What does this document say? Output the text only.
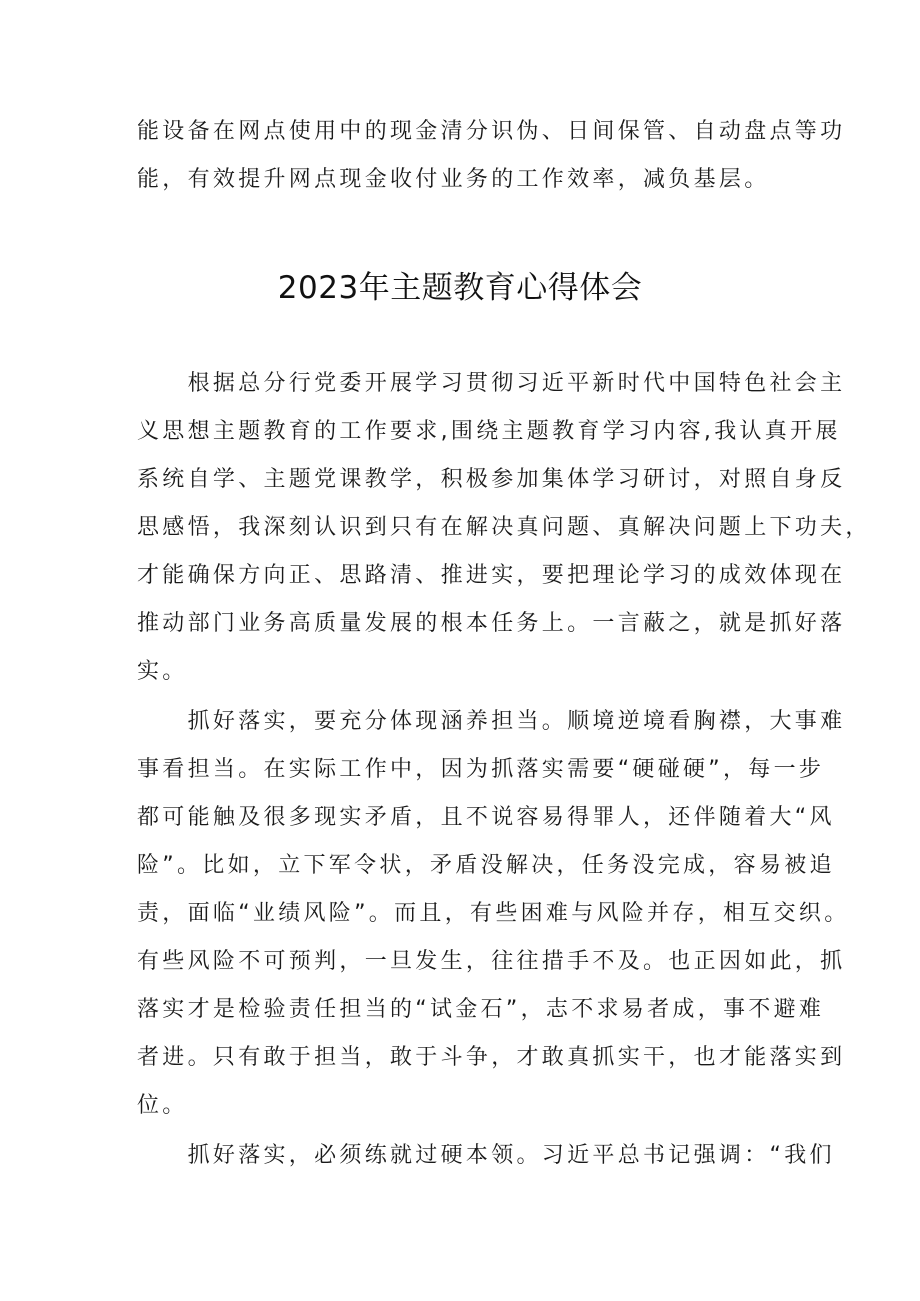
能设备在网点使用中的现金清分识伪、日间保管、自动盘点等功
能，有效提升网点现金收付业务的工作效率，减负基层。
2023年主题教育心得体会
　　根据总分行党委开展学习贯彻习近平新时代中国特色社会主
义思想主题教育的工作要求,围绕主题教育学习内容,我认真开展
系统自学、主题党课教学，积极参加集体学习研讨，对照自身反
思感悟，我深刻认识到只有在解决真问题、真解决问题上下功夫，
才能确保方向正、思路清、推进实，要把理论学习的成效体现在
推动部门业务高质量发展的根本任务上。一言蔽之，就是抓好落
实。
　　抓好落实，要充分体现涵养担当。顺境逆境看胸襟，大事难
事看担当。在实际工作中，因为抓落实需要“硬碰硬”，每一步
都可能触及很多现实矛盾，且不说容易得罪人，还伴随着大“风
险”。比如，立下军令状，矛盾没解决，任务没完成，容易被追
责，面临“业绩风险”。而且，有些困难与风险并存，相互交织。
有些风险不可预判，一旦发生，往往措手不及。也正因如此，抓
落实才是检验责任担当的“试金石”，志不求易者成，事不避难
者进。只有敢于担当，敢于斗争，才敢真抓实干，也才能落实到
位。
　　抓好落实，必须练就过硬本领。习近平总书记强调：“我们
